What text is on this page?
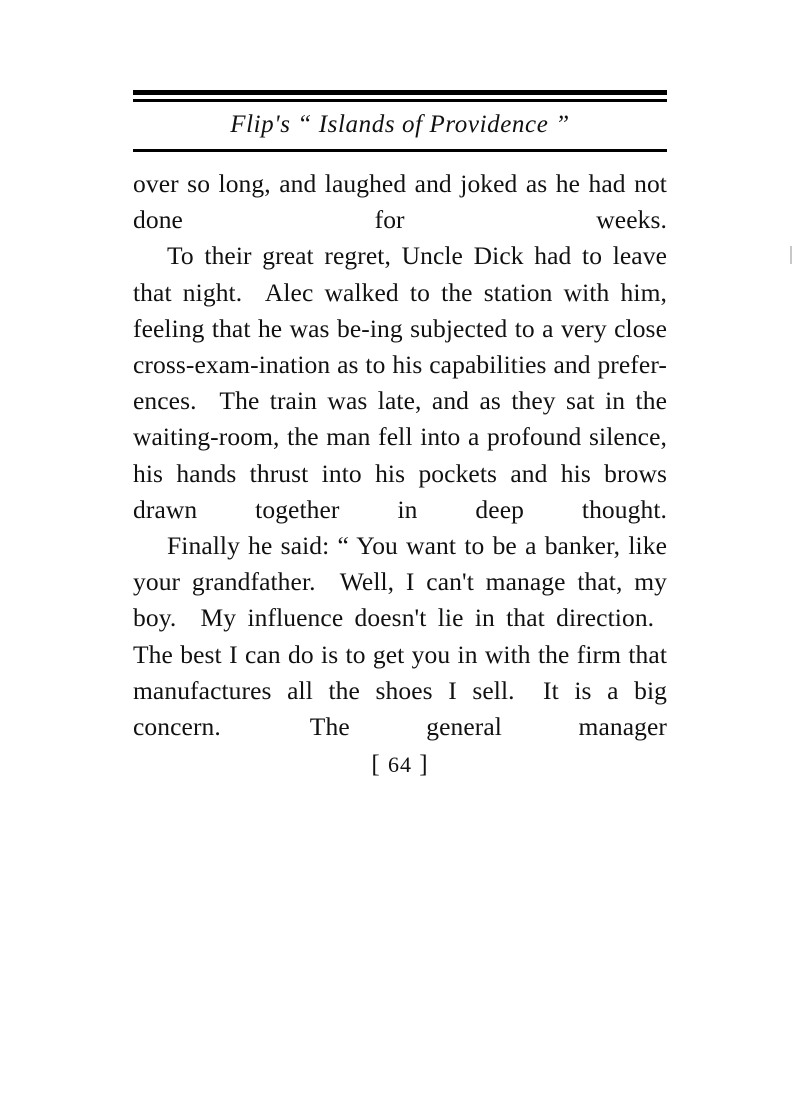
Flip's “ Islands of Providence ”

over so long, and laughed and joked as he had not done for weeks.

To their great regret, Uncle Dick had to leave that night.  Alec walked to the station with him, feeling that he was be-ing subjected to a very close cross-exam-ination as to his capabilities and prefer-ences.  The train was late, and as they sat in the waiting-room, the man fell into a profound silence, his hands thrust into his pockets and his brows drawn together in deep thought.

Finally he said: “ You want to be a banker, like your grandfather.  Well, I can't manage that, my boy.  My influence doesn't lie in that direction.  The best I can do is to get you in with the firm that manufactures all the shoes I sell.  It is a big concern.  The general manager

[ 64 ]
